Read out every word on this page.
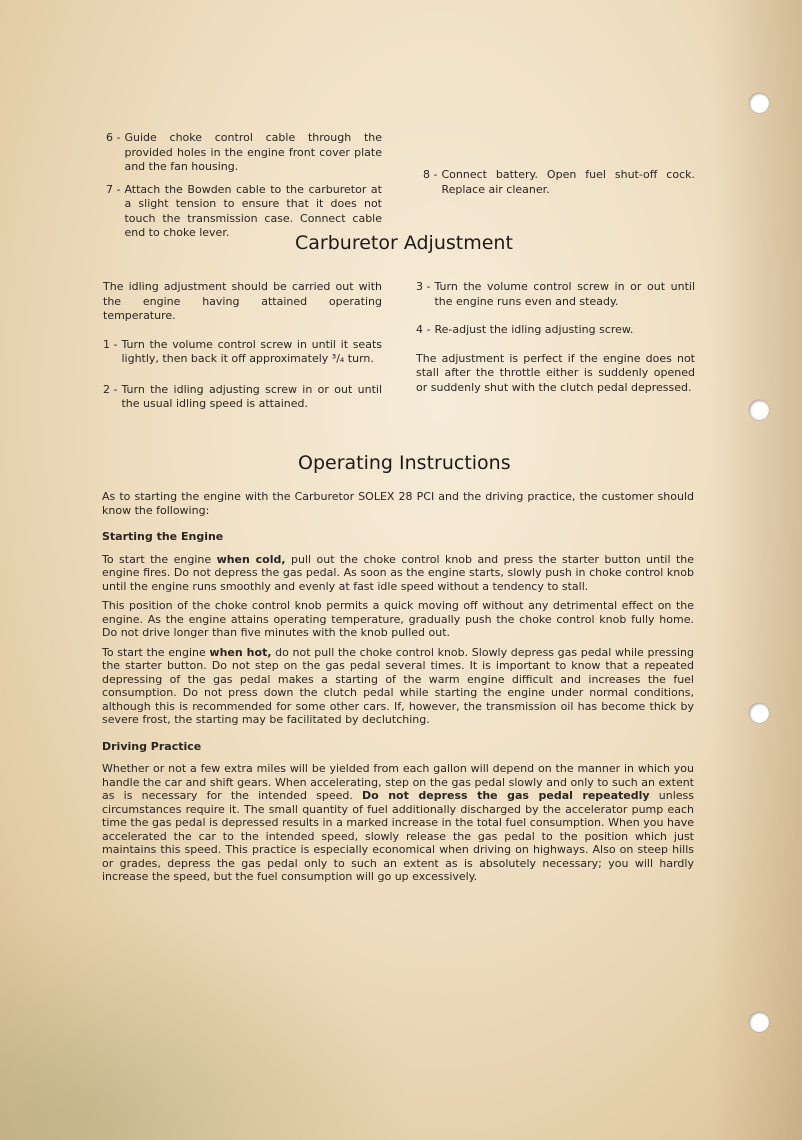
6 - Guide choke control cable through the provided holes in the engine front cover plate and the fan housing.
7 - Attach the Bowden cable to the carburetor at a slight tension to ensure that it does not touch the transmission case. Connect cable end to choke lever.
8 - Connect battery. Open fuel shut-off cock. Replace air cleaner.
Carburetor Adjustment

The idling adjustment should be carried out with the engine having attained operating temperature.

1 - Turn the volume control screw in until it seats lightly, then back it off approximately ³/₄ turn.
2 - Turn the idling adjusting screw in or out until the usual idling speed is attained.
3 - Turn the volume control screw in or out until the engine runs even and steady.
4 - Re-adjust the idling adjusting screw.

The adjustment is perfect if the engine does not stall after the throttle either is suddenly opened or suddenly shut with the clutch pedal depressed.

Operating Instructions

As to starting the engine with the Carburetor SOLEX 28 PCI and the driving practice, the customer should know the following:

Starting the Engine

To start the engine when cold, pull out the choke control knob and press the starter button until the engine fires. Do not depress the gas pedal. As soon as the engine starts, slowly push in choke control knob until the engine runs smoothly and evenly at fast idle speed without a tendency to stall.

This position of the choke control knob permits a quick moving off without any detrimental effect on the engine. As the engine attains operating temperature, gradually push the choke control knob fully home. Do not drive longer than five minutes with the knob pulled out.

To start the engine when hot, do not pull the choke control knob. Slowly depress gas pedal while pressing the starter button. Do not step on the gas pedal several times. It is important to know that a repeated depressing of the gas pedal makes a starting of the warm engine difficult and increases the fuel consumption. Do not press down the clutch pedal while starting the engine under normal conditions, although this is recommended for some other cars. If, however, the transmission oil has become thick by severe frost, the starting may be facilitated by declutching.

Driving Practice

Whether or not a few extra miles will be yielded from each gallon will depend on the manner in which you handle the car and shift gears. When accelerating, step on the gas pedal slowly and only to such an extent as is necessary for the intended speed. Do not depress the gas pedal repeatedly unless circumstances require it. The small quantity of fuel additionally discharged by the accelerator pump each time the gas pedal is depressed results in a marked increase in the total fuel consumption. When you have accelerated the car to the intended speed, slowly release the gas pedal to the position which just maintains this speed. This practice is especially economical when driving on highways. Also on steep hills or grades, depress the gas pedal only to such an extent as is absolutely necessary; you will hardly increase the speed, but the fuel consumption will go up excessively.
